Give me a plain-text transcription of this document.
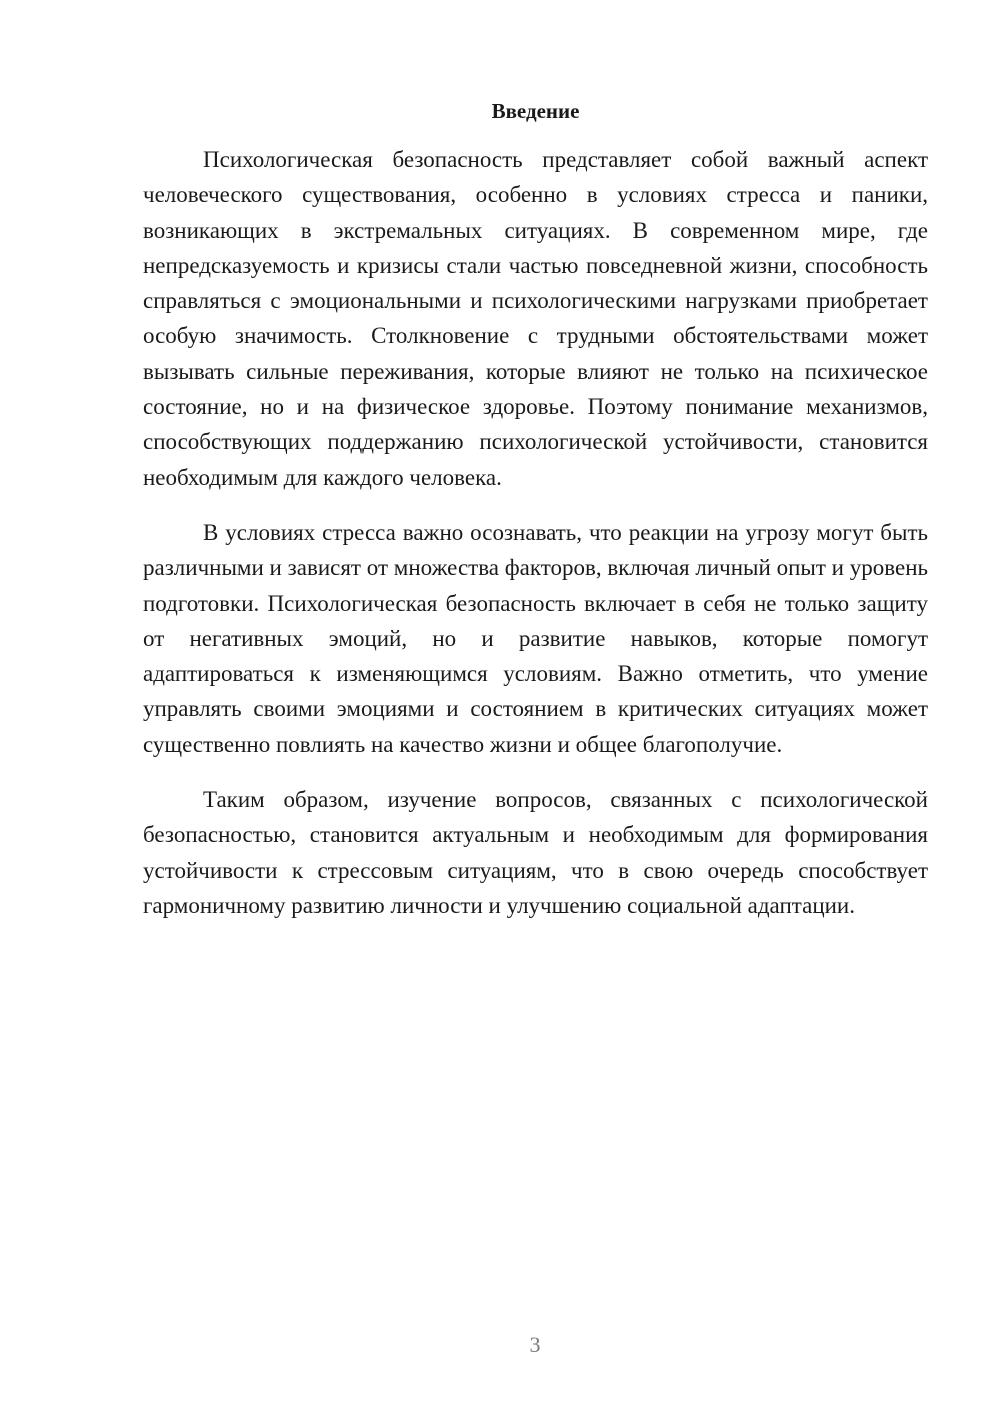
Введение

Психологическая безопасность представляет собой важный аспект человеческого существования, особенно в условиях стресса и паники, возникающих в экстремальных ситуациях. В современном мире, где непредсказуемость и кризисы стали частью повседневной жизни, способность справляться с эмоциональными и психологическими нагрузками приобретает особую значимость. Столкновение с трудными обстоятельствами может вызывать сильные переживания, которые влияют не только на психическое состояние, но и на физическое здоровье. Поэтому понимание механизмов, способствующих поддержанию психологической устойчивости, становится необходимым для каждого человека.

В условиях стресса важно осознавать, что реакции на угрозу могут быть различными и зависят от множества факторов, включая личный опыт и уровень подготовки. Психологическая безопасность включает в себя не только защиту от негативных эмоций, но и развитие навыков, которые помогут адаптироваться к изменяющимся условиям. Важно отметить, что умение управлять своими эмоциями и состоянием в критических ситуациях может существенно повлиять на качество жизни и общее благополучие.

Таким образом, изучение вопросов, связанных с психологической безопасностью, становится актуальным и необходимым для формирования устойчивости к стрессовым ситуациям, что в свою очередь способствует гармоничному развитию личности и улучшению социальной адаптации.

3
